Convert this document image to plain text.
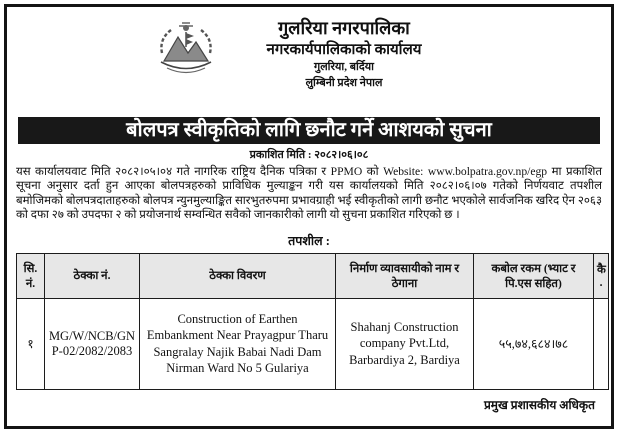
गुलरिया नगरपालिका
नगरकार्यपालिकाको कार्यालय
गुलरिया, बर्दिया
लुम्बिनी प्रदेश नेपाल
बोलपत्र स्वीकृतिको लागि छनौट गर्ने आशयको सुचना
प्रकाशित मिति : २०८२।०६।०८
यस कार्यालयवाट मिति २०८२।०५।०४ गते नागरिक राष्ट्रिय दैनिक पत्रिका र PPMO को Website: www.bolpatra.gov.np/egp मा प्रकाशित सूचना अनुसार दर्ता हुन आएका बोलपत्रहरुको प्राविधिक मुल्याङ्कन गरी यस कार्यालयको मिति २०८२।०६।०७ गतेको निर्णयवाट तपशील बमोजिमको बोलपत्रदाताहरुको बोलपत्र न्युनमुल्याङ्कित सारभुतरुपमा प्रभावग्राही भई स्वीकृतीको लागी छनौट भएकोले सार्वजनिक खरिद ऐन २०६३ को दफा २७ को उपदफा २ को प्रयोजनार्थ सम्वन्धित सवैको जानकारीको लागी यो सुचना प्रकाशित गरिएको छ ।
तपशील :
सि. नं.	ठेक्का नं.	ठेक्का विवरण	निर्माण व्यावसायीको नाम र ठेगाना	कबोल रकम (भ्याट र पि.एस सहित)	कै.
१	MG/W/NCB/GNP-02/2082/2083	Construction of Earthen Embankment Near Prayagpur Tharu Sangralay Najik Babai Nadi Dam Nirman Ward No 5 Gulariya	Shahanj Construction company Pvt.Ltd, Barbardiya 2, Bardiya	५५,७४,६८४।७८	
प्रमुख प्रशासकीय अधिकृत
